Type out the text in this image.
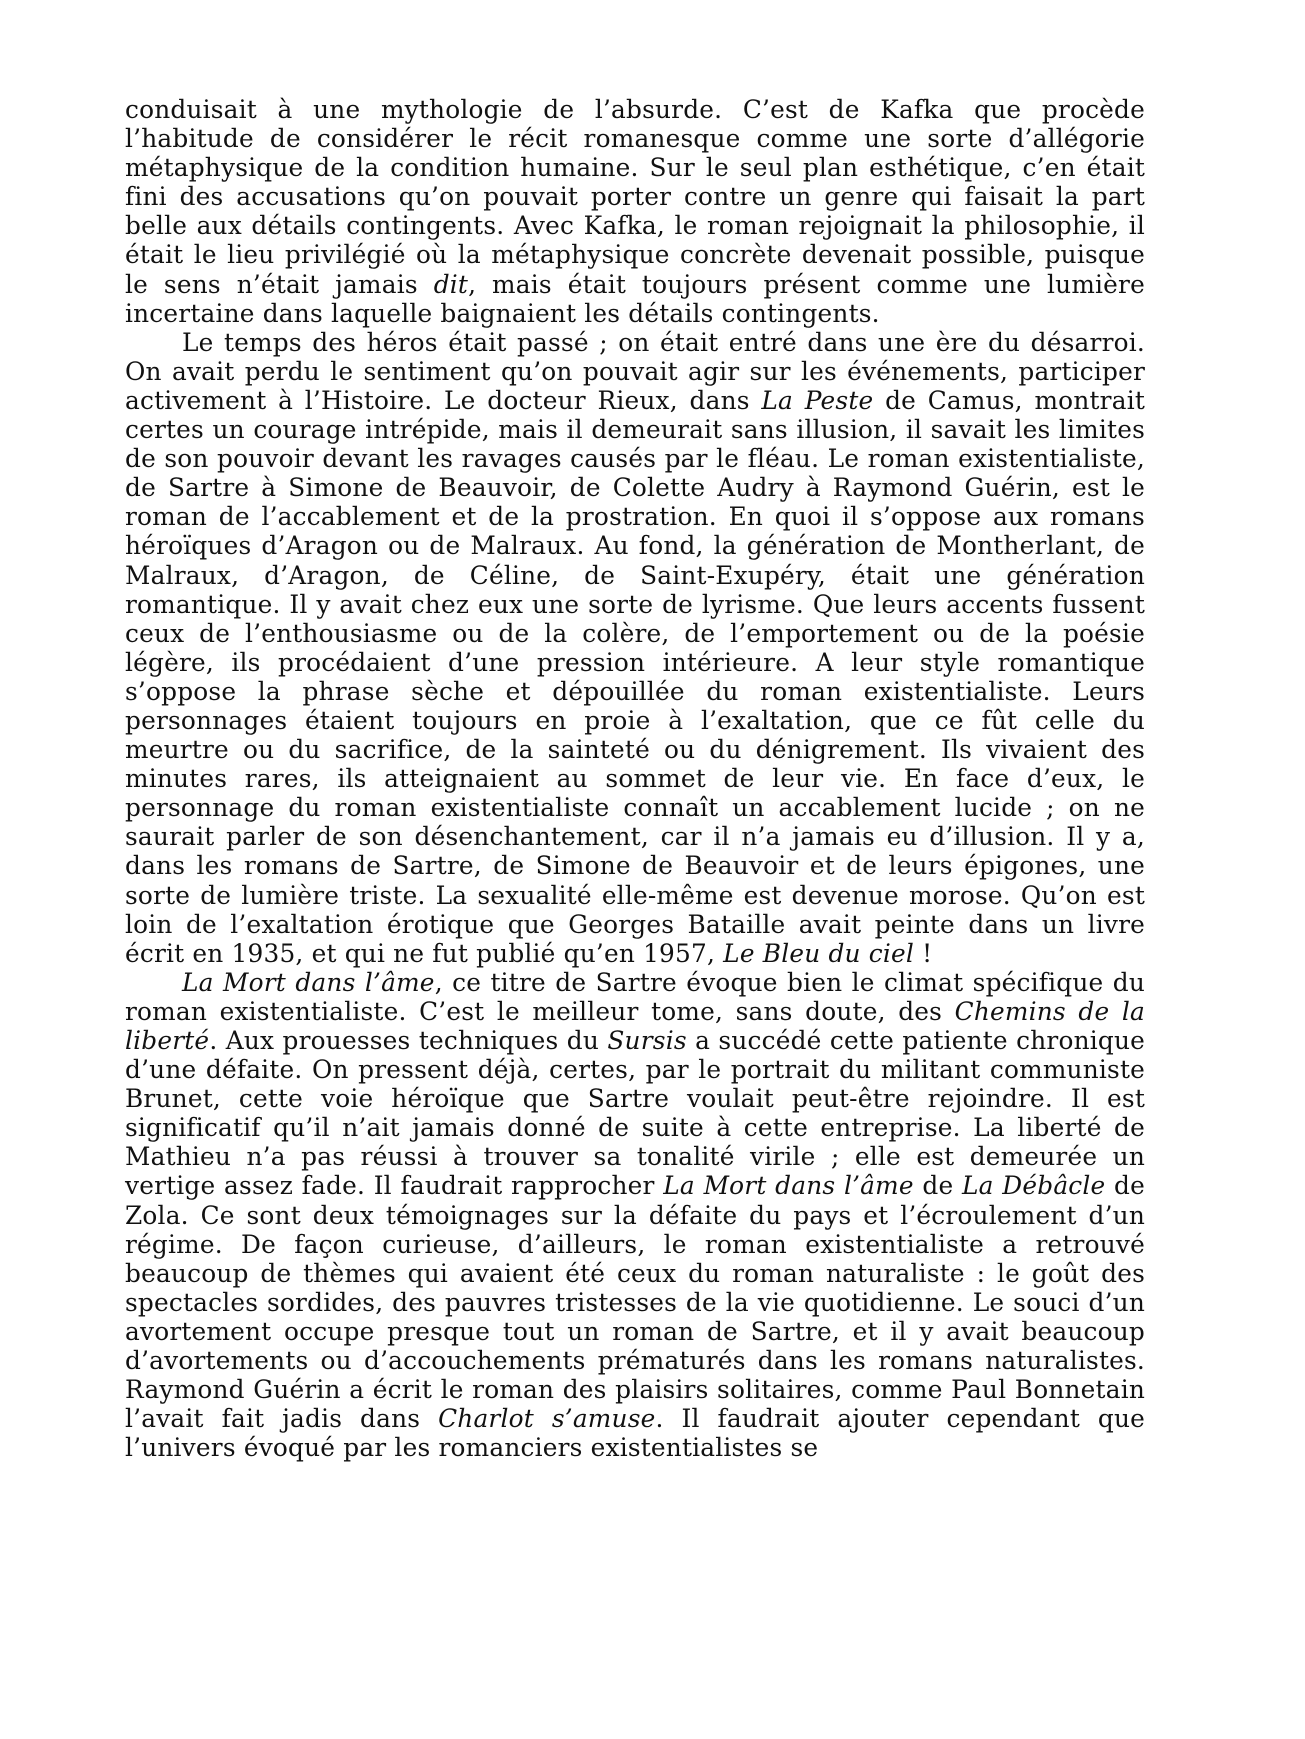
conduisait à une mythologie de l’absurde. C’est de Kafka que procède l’habitude de considérer le récit romanesque comme une sorte d’allégorie métaphysique de la condition humaine. Sur le seul plan esthétique, c’en était fini des accusations qu’on pouvait porter contre un genre qui faisait la part belle aux détails contingents. Avec Kafka, le roman rejoignait la philosophie, il était le lieu privilégié où la métaphysique concrète devenait possible, puisque le sens n’était jamais dit, mais était toujours présent comme une lumière incertaine dans laquelle baignaient les détails contingents.

Le temps des héros était passé ; on était entré dans une ère du désarroi. On avait perdu le sentiment qu’on pouvait agir sur les événements, participer activement à l’Histoire. Le docteur Rieux, dans La Peste de Camus, montrait certes un courage intrépide, mais il demeurait sans illusion, il savait les limites de son pouvoir devant les ravages causés par le fléau. Le roman existentialiste, de Sartre à Simone de Beauvoir, de Colette Audry à Raymond Guérin, est le roman de l’accablement et de la prostration. En quoi il s’oppose aux romans héroïques d’Aragon ou de Malraux. Au fond, la génération de Montherlant, de Malraux, d’Aragon, de Céline, de Saint-Exupéry, était une génération romantique. Il y avait chez eux une sorte de lyrisme. Que leurs accents fussent ceux de l’enthousiasme ou de la colère, de l’emportement ou de la poésie légère, ils procédaient d’une pression intérieure. A leur style romantique s’oppose la phrase sèche et dépouillée du roman existentialiste. Leurs personnages étaient toujours en proie à l’exaltation, que ce fût celle du meurtre ou du sacrifice, de la sainteté ou du dénigrement. Ils vivaient des minutes rares, ils atteignaient au sommet de leur vie. En face d’eux, le personnage du roman existentialiste connaît un accablement lucide ; on ne saurait parler de son désenchantement, car il n’a jamais eu d’illusion. Il y a, dans les romans de Sartre, de Simone de Beauvoir et de leurs épigones, une sorte de lumière triste. La sexualité elle-même est devenue morose. Qu’on est loin de l’exaltation érotique que Georges Bataille avait peinte dans un livre écrit en 1935, et qui ne fut publié qu’en 1957, Le Bleu du ciel !

La Mort dans l’âme, ce titre de Sartre évoque bien le climat spécifique du roman existentialiste. C’est le meilleur tome, sans doute, des Chemins de la liberté. Aux prouesses techniques du Sursis a succédé cette patiente chronique d’une défaite. On pressent déjà, certes, par le portrait du militant communiste Brunet, cette voie héroïque que Sartre voulait peut-être rejoindre. Il est significatif qu’il n’ait jamais donné de suite à cette entreprise. La liberté de Mathieu n’a pas réussi à trouver sa tonalité virile ; elle est demeurée un vertige assez fade. Il faudrait rapprocher La Mort dans l’âme de La Débâcle de Zola. Ce sont deux témoignages sur la défaite du pays et l’écroulement d’un régime. De façon curieuse, d’ailleurs, le roman existentialiste a retrouvé beaucoup de thèmes qui avaient été ceux du roman naturaliste : le goût des spectacles sordides, des pauvres tristesses de la vie quotidienne. Le souci d’un avortement occupe presque tout un roman de Sartre, et il y avait beaucoup d’avortements ou d’accouchements prématurés dans les romans naturalistes. Raymond Guérin a écrit le roman des plaisirs solitaires, comme Paul Bonnetain l’avait fait jadis dans Charlot s’amuse. Il faudrait ajouter cependant que l’univers évoqué par les romanciers existentialistes se
